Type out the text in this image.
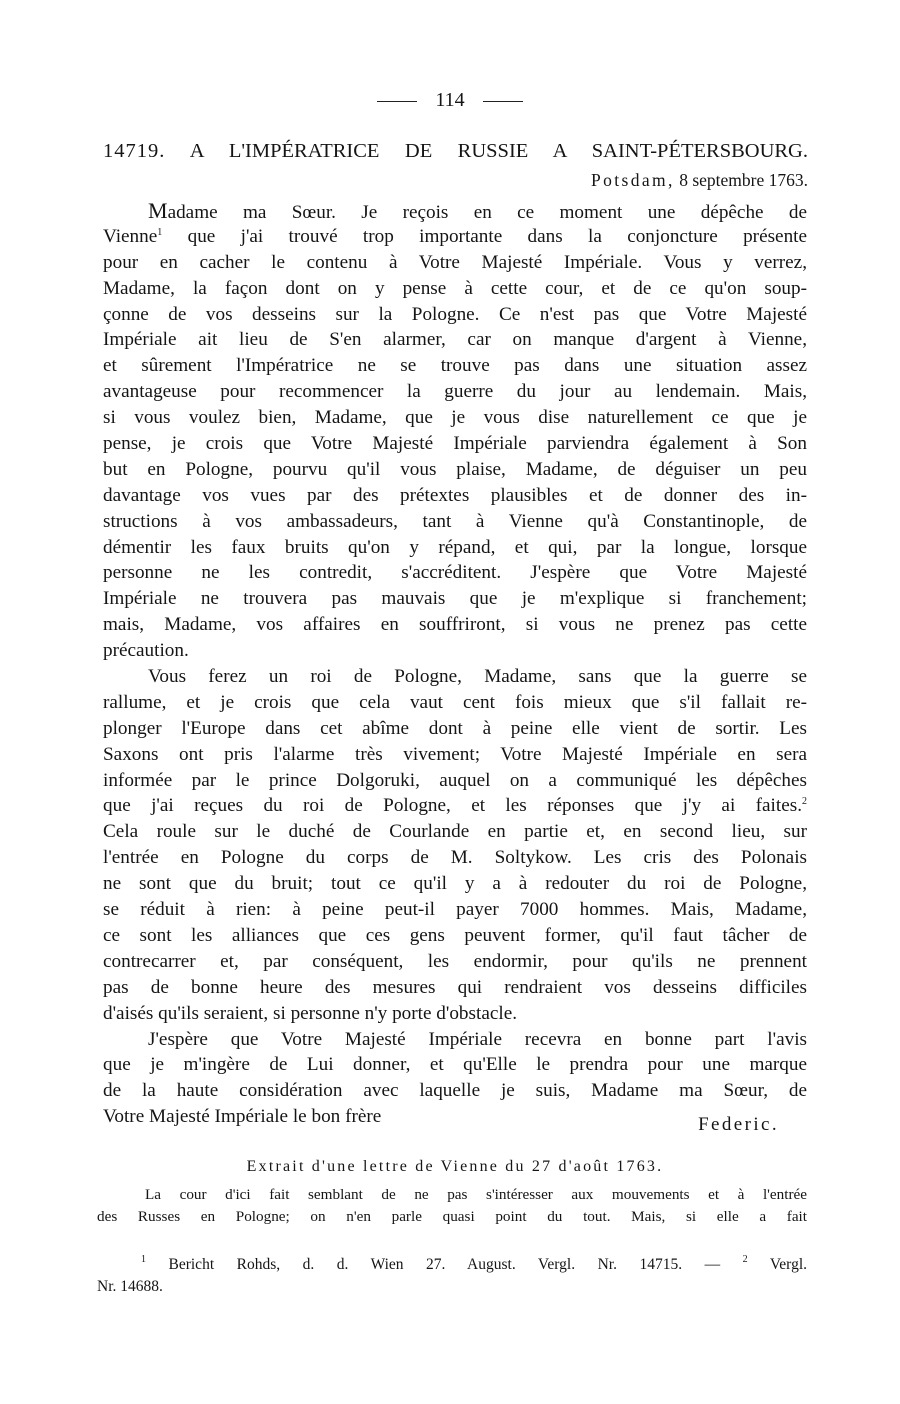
114
14719. A L'IMPÉRATRICE DE RUSSIE A SAINT-PÉTERSBOURG.
Potsdam, 8 septembre 1763.
Madame ma Sœur. Je reçois en ce moment une dépêche de
Vienne$^1$ que j'ai trouvé trop importante dans la conjoncture présente
pour en cacher le contenu à Votre Majesté Impériale. Vous y verrez,
Madame, la façon dont on y pense à cette cour, et de ce qu'on soup-
çonne de vos desseins sur la Pologne. Ce n'est pas que Votre Majesté
Impériale ait lieu de S'en alarmer, car on manque d'argent à Vienne,
et sûrement l'Impératrice ne se trouve pas dans une situation assez
avantageuse pour recommencer la guerre du jour au lendemain. Mais,
si vous voulez bien, Madame, que je vous dise naturellement ce que je
pense, je crois que Votre Majesté Impériale parviendra également à Son
but en Pologne, pourvu qu'il vous plaise, Madame, de déguiser un peu
davantage vos vues par des prétextes plausibles et de donner des in-
structions à vos ambassadeurs, tant à Vienne qu'à Constantinople, de
démentir les faux bruits qu'on y répand, et qui, par la longue, lorsque
personne ne les contredit, s'accréditent. J'espère que Votre Majesté
Impériale ne trouvera pas mauvais que je m'explique si franchement;
mais, Madame, vos affaires en souffriront, si vous ne prenez pas cette
précaution.
Vous ferez un roi de Pologne, Madame, sans que la guerre se
rallume, et je crois que cela vaut cent fois mieux que s'il fallait re-
plonger l'Europe dans cet abîme dont à peine elle vient de sortir. Les
Saxons ont pris l'alarme très vivement; Votre Majesté Impériale en sera
informée par le prince Dolgoruki, auquel on a communiqué les dépêches
que j'ai reçues du roi de Pologne, et les réponses que j'y ai faites.$^2$
Cela roule sur le duché de Courlande en partie et, en second lieu, sur
l'entrée en Pologne du corps de M. Soltykow. Les cris des Polonais
ne sont que du bruit; tout ce qu'il y a à redouter du roi de Pologne,
se réduit à rien: à peine peut-il payer 7000 hommes. Mais, Madame,
ce sont les alliances que ces gens peuvent former, qu'il faut tâcher de
contrecarrer et, par conséquent, les endormir, pour qu'ils ne prennent
pas de bonne heure des mesures qui rendraient vos desseins difficiles
d'aisés qu'ils seraient, si personne n'y porte d'obstacle.
J'espère que Votre Majesté Impériale recevra en bonne part l'avis
que je m'ingère de Lui donner, et qu'Elle le prendra pour une marque
de la haute considération avec laquelle je suis, Madame ma Sœur, de
Votre Majesté Impériale le bon frère	Federic.
Extrait d'une lettre de Vienne du 27 d'août 1763.
La cour d'ici fait semblant de ne pas s'intéresser aux mouvements et à l'entrée
des Russes en Pologne; on n'en parle quasi point du tout. Mais, si elle a fait
$^1$ Bericht Rohds, d. d. Wien 27. August. Vergl. Nr. 14715. — $^2$ Vergl.
Nr. 14688.
